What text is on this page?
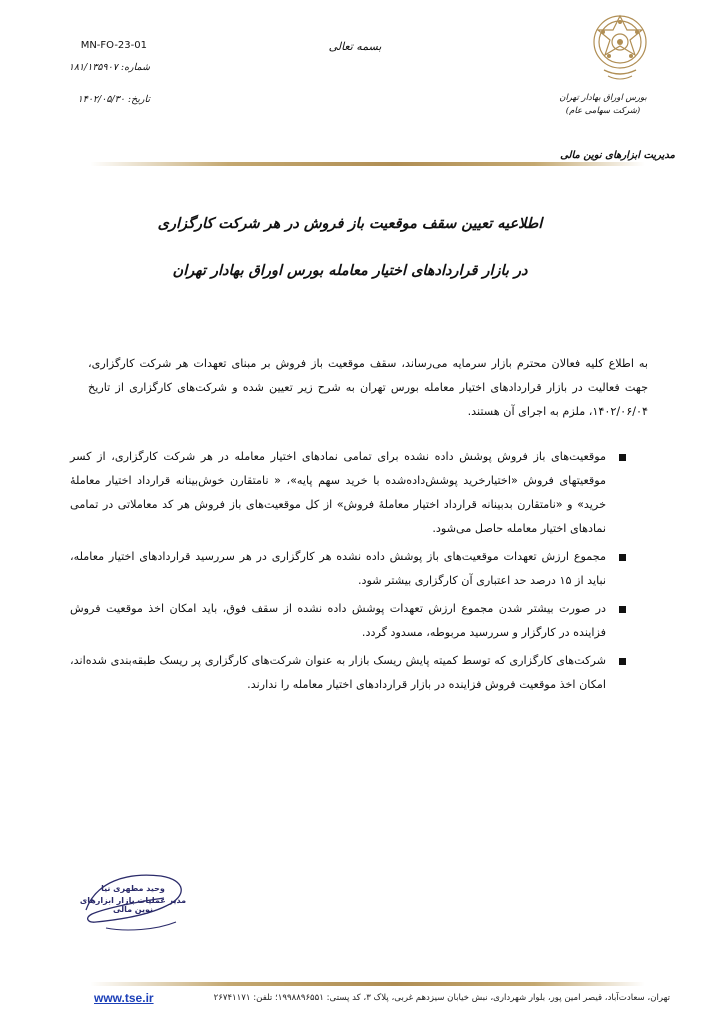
بورس اوراق بهادار تهران
(شرکت سهامی عام)
مدیریت ابزارهای نوین مالی
بسمه تعالی
MN-FO-23-01
شماره: ۱۸۱/۱۳۵۹۰۷
تاریخ: ۱۴۰۲/۰۵/۳۰
اطلاعیه تعیین سقف موقعیت باز فروش در هر شرکت کارگزاری
در بازار قراردادهای اختیار معامله بورس اوراق بهادار تهران
به اطلاع کلیه فعالان محترم بازار سرمایه می‌رساند، سقف موقعیت باز فروش بر مبنای تعهدات هر شرکت کارگزاری، جهت فعالیت در بازار قراردادهای اختیار معامله بورس تهران به شرح زیر تعیین شده و شرکت‌های کارگزاری از تاریخ ۱۴۰۲/۰۶/۰۴، ملزم به اجرای آن هستند.
موقعیت‌های باز فروش پوشش داده نشده برای تمامی نمادهای اختیار معامله در هر شرکت کارگزاری، از کسر موقعیتهای فروش «اختیارخرید پوشش‌داده‌شده با خرید سهم پایه»، « نامتقارن خوش‌بینانه قرارداد اختیار معاملهٔ خرید» و «نامتقارن بدبینانه قرارداد اختیار معاملهٔ فروش» از کل موقعیت‌های باز فروش هر کد معاملاتی در تمامی نمادهای اختیار معامله حاصل می‌شود.
مجموع ارزش تعهدات موقعیت‌های باز پوشش داده نشده هر کارگزاری در هر سررسید قراردادهای اختیار معامله، نباید از ۱۵ درصد حد اعتباری آن کارگزاری بیشتر شود.
در صورت بیشتر شدن مجموع ارزش تعهدات پوشش داده نشده از سقف فوق، باید امکان اخذ موقعیت فروش فزاینده در کارگزار و سررسید مربوطه، مسدود گردد.
شرکت‌های کارگزاری که توسط کمیته پایش ریسک بازار به عنوان شرکت‌های کارگزاری پر ریسک طبقه‌بندی شده‌اند، امکان اخذ موقعیت فروش فزاینده در بازار قراردادهای اختیار معامله را ندارند.
وحید مطهری نیا
مدیر عملیات بازار ابزارهای نوین مالی
تهران، سعادت‌آباد، قیصر امین پور، بلوار شهرداری، نبش خیابان سیزدهم غربی، پلاک ۳، کد پستی: ۱۹۹۸۸۹۶۵۵۱؛ تلفن: ۲۶۷۴۱۱۷۱
www.tse.ir
